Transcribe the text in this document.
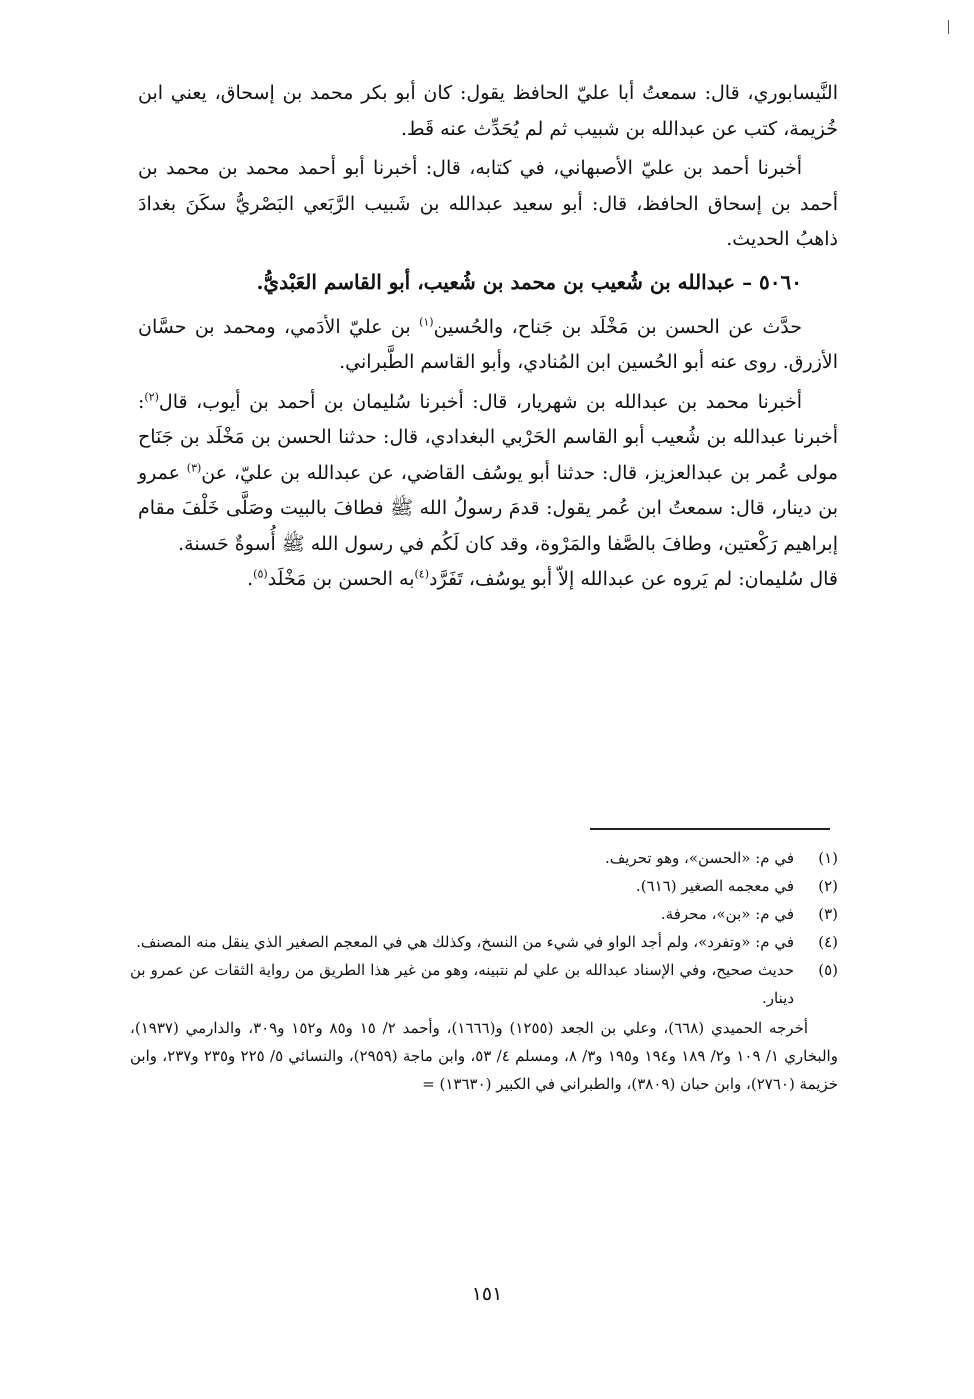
النَّيسابوري، قال: سمعتُ أبا عليّ الحافظ يقول: كان أبو بكر محمد بن إسحاق، يعني ابن خُزيمة، كتب عن عبدالله بن شبيب ثم لم يُحَدِّث عنه قَط.

أخبرنا أحمد بن عليّ الأصبهاني، في كتابه، قال: أخبرنا أبو أحمد محمد بن محمد بن أحمد بن إسحاق الحافظ، قال: أبو سعيد عبدالله بن شَبيب الرَّبَعي البَصْريُّ سكَنَ بغدادَ ذاهبُ الحديث.

٥٠٦٠ – عبدالله بن شُعيب بن محمد بن شُعيب، أبو القاسم العَبْديُّ.

حدَّث عن الحسن بن مَخْلَد بن جَناح، والحُسين$^{(١)}$ بن عليّ الأدَمي، ومحمد بن حسَّان الأزرق. روى عنه أبو الحُسين ابن المُنادي، وأبو القاسم الطَّبراني.

أخبرنا محمد بن عبدالله بن شهريار، قال: أخبرنا سُليمان بن أحمد بن أيوب، قال$^{(٢)}$: أخبرنا عبدالله بن شُعيب أبو القاسم الحَرْبي البغدادي، قال: حدثنا الحسن بن مَخْلَد بن جَنَاح مولى عُمر بن عبدالعزيز، قال: حدثنا أبو يوسُف القاضي، عن عبدالله بن عليّ، عن$^{(٣)}$ عمرو بن دينار، قال: سمعتُ ابن عُمر يقول: قدمَ رسولُ الله ﷺ فطافَ بالبيت وصَلَّى خَلْفَ مقام إبراهيم رَكْعتين، وطافَ بالصَّفا والمَرْوة، وقد كان لَكُم في رسول الله ﷺ أُسوةٌ حَسنة.

قال سُليمان: لم يَروه عن عبدالله إلاّ أبو يوسُف، تَفَرَّد$^{(٤)}$به الحسن بن مَخْلَد$^{(٥)}$.

(١)
في م: «الحسن»، وهو تحريف.
(٢)
في معجمه الصغير (٦١٦).
(٣)
في م: «بن»، محرفة.
(٤)
في م: «وتفرد»، ولم أجد الواو في شيء من النسخ، وكذلك هي في المعجم الصغير الذي ينقل منه المصنف.
(٥)
حديث صحيح، وفي الإسناد عبدالله بن علي لم نتبينه، وهو من غير هذا الطريق من رواية الثقات عن عمرو بن دينار.
أخرجه الحميدي (٦٦٨)، وعلي بن الجعد (١٢٥٥) و(١٦٦٦)، وأحمد ٢/ ١٥ و٨٥ و١٥٢ و٣٠٩، والدارمي (١٩٣٧)، والبخاري ١/ ١٠٩ و٢/ ١٨٩ و١٩٤ و١٩٥ و٣/ ٨، ومسلم ٤/ ٥٣، وابن ماجة (٢٩٥٩)، والنسائي ٥/ ٢٢٥ و٢٣٥ و٢٣٧، وابن خزيمة (٢٧٦٠)، وابن حبان (٣٨٠٩)، والطبراني في الكبير (١٣٦٣٠) =
١٥١
